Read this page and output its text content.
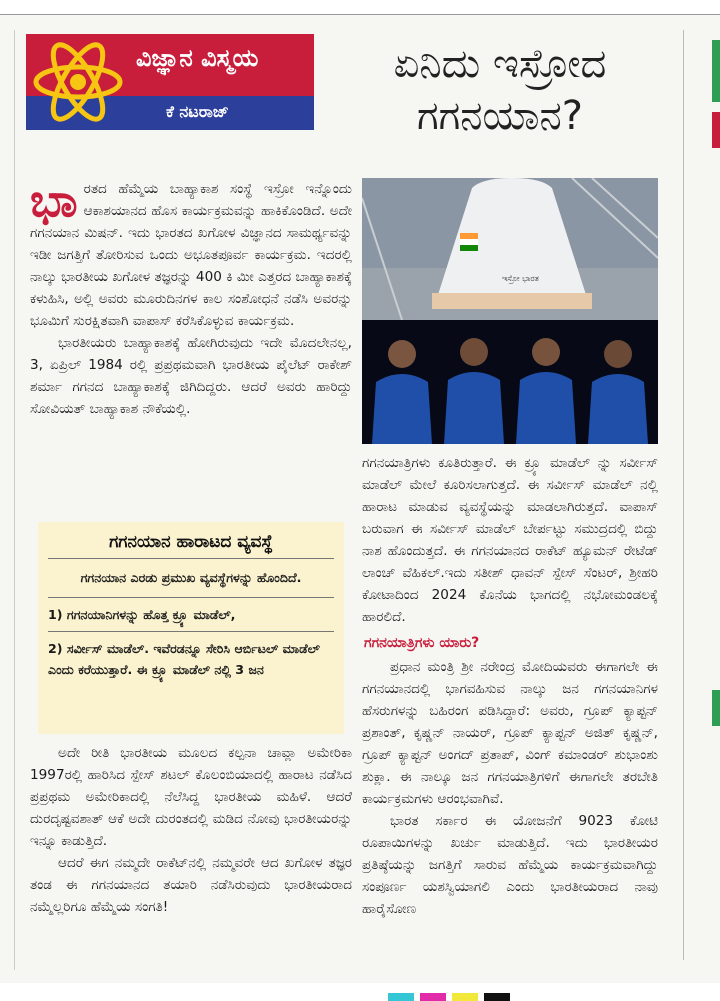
ವಿಜ್ಞಾನ ವಿಸ್ಮಯ
ಕೆ ನಟರಾಜ್
ಏನಿದು ಇಸ್ರೋದ
ಗಗನಯಾನ?

ಭಾರತದ ಹೆಮ್ಮೆಯ ಬಾಹ್ಯಾಕಾಶ ಸಂಸ್ಥೆ ಇಸ್ರೋ ಇನ್ನೊಂದು ಆಕಾಶಯಾನದ ಹೊಸ ಕಾರ್ಯಕ್ರಮವನ್ನು ಹಾಕಿಕೊಂಡಿದೆ. ಅದೇ ಗಗನಯಾನ ಮಿಷನ್. ಇದು ಭಾರತದ ಖಗೋಳ ವಿಜ್ಞಾನದ ಸಾಮರ್ಥ್ಯವನ್ನು ಇಡೀ ಜಗತ್ತಿಗೆ ತೋರಿಸುವ ಒಂದು ಅಭೂತಪೂರ್ವ ಕಾರ್ಯಕ್ರಮ. ಇದರಲ್ಲಿ ನಾಲ್ಕು ಭಾರತೀಯ ಖಗೋಳ ತಜ್ಞರನ್ನು 400 ಕಿ ಮೀ ಎತ್ತರದ ಬಾಹ್ಯಾಕಾಶಕ್ಕೆ ಕಳುಹಿಸಿ, ಅಲ್ಲಿ ಅವರು ಮೂರುದಿನಗಳ ಕಾಲ ಸಂಶೋಧನೆ ನಡೆಸಿ ಅವರನ್ನು ಭೂಮಿಗೆ ಸುರಕ್ಷಿತವಾಗಿ ವಾಪಾಸ್ ಕರೆಸಿಕೊಳ್ಳುವ ಕಾರ್ಯಕ್ರಮ.

ಭಾರತೀಯರು ಬಾಹ್ಯಾಕಾಶಕ್ಕೆ ಹೋಗಿರುವುದು ಇದೇ ಮೊದಲೇನಲ್ಲ, 3, ಏಪ್ರಿಲ್ 1984 ರಲ್ಲಿ ಪ್ರಪ್ರಥಮವಾಗಿ ಭಾರತೀಯ ಪೈಲೆಟ್ ರಾಕೇಶ್ ಶರ್ಮಾ ಗಗನದ ಬಾಹ್ಯಾಕಾಶಕ್ಕೆ ಜಿಗಿದಿದ್ದರು. ಆದರೆ ಅವರು ಹಾರಿದ್ದು ಸೋವಿಯತ್ ಬಾಹ್ಯಾಕಾಶ ನೌಕೆಯಲ್ಲಿ.

ಗಗನಯಾನ ಹಾರಾಟದ ವ್ಯವಸ್ಥೆ
ಗಗನಯಾನ ಎರಡು ಪ್ರಮುಖ ವ್ಯವಸ್ಥೆಗಳನ್ನು ಹೊಂದಿದೆ.
1) ಗಗನಯಾನಿಗಳನ್ನು ಹೊತ್ತ ಕ್ರ್ಯೂ ಮಾಡೆಲ್,
2) ಸರ್ವೀಸ್ ಮಾಡೆಲ್. ಇವೆರಡನ್ನೂ ಸೇರಿಸಿ ಆರ್ಬಿಟಲ್ ಮಾಡೆಲ್ ಎಂದು ಕರೆಯುತ್ತಾರೆ. ಈ ಕ್ರ್ಯೂ ಮಾಡೆಲ್ ನಲ್ಲಿ 3 ಜನ

ಅದೇ ರೀತಿ ಭಾರತೀಯ ಮೂಲದ ಕಲ್ಪನಾ ಚಾವ್ಲಾ ಅಮೇರಿಕಾ 1997ರಲ್ಲಿ ಹಾರಿಸಿದ ಸ್ಪೇಸ್ ಶಟಲ್ ಕೊಲಂಬಿಯಾದಲ್ಲಿ ಹಾರಾಟ ನಡೆಸಿದ ಪ್ರಪ್ರಥಮ ಅಮೇರಿಕಾದಲ್ಲಿ ನೆಲೆಸಿದ್ದ ಭಾರತೀಯ ಮಹಿಳೆ. ಆದರೆ ದುರದೃಷ್ಟವಶಾತ್ ಆಕೆ ಅದೇ ದುರಂತದಲ್ಲಿ ಮಡಿದ ನೋವು ಭಾರತೀಯರನ್ನು ಇನ್ನೂ ಕಾಡುತ್ತಿದೆ.

ಆದರೆ ಈಗ ನಮ್ಮದೇ ರಾಕೆಟ್‌ನಲ್ಲಿ ನಮ್ಮವರೇ ಆದ ಖಗೋಳ ತಜ್ಞರ ತಂಡ ಈ ಗಗನಯಾನದ ತಯಾರಿ ನಡೆಸಿರುವುದು ಭಾರತೀಯರಾದ ನಮ್ಮೆಲ್ಲರಿಗೂ ಹೆಮ್ಮೆಯ ಸಂಗತಿ!

ಇಸ್ರೋ ಭಾರತ

ಗಗನಯಾತ್ರಿಗಳು ಕೂತಿರುತ್ತಾರೆ. ಈ ಕ್ರ್ಯೂ ಮಾಡೆಲ್ ನ್ನು ಸರ್ವೀಸ್ ಮಾಡೆಲ್ ಮೇಲೆ ಕೂರಿಸಲಾಗುತ್ತದೆ. ಈ ಸರ್ವೀಸ್ ಮಾಡೆಲ್ ನಲ್ಲಿ ಹಾರಾಟ ಮಾಡುವ ವ್ಯವಸ್ಥೆಯನ್ನು ಮಾಡಲಾಗಿರುತ್ತದೆ. ವಾಪಾಸ್ ಬರುವಾಗ ಈ ಸರ್ವೀಸ್ ಮಾಡೆಲ್ ಬೇರ್ಪಟ್ಟು ಸಮುದ್ರದಲ್ಲಿ ಬಿದ್ದು ನಾಶ ಹೊಂದುತ್ತದೆ. ಈ ಗಗನಯಾನದ ರಾಕೆಟ್ ಹ್ಯೂಮನ್ ರೇಟೆಡ್ ಲಾಂಚ್ ವೆಹಿಕಲ್.ಇದು ಸತೀಶ್ ಧಾವನ್ ಸ್ಪೇಸ್ ಸೆಂಟರ್, ಶ್ರೀಹರಿ ಕೋಟಾದಿಂದ 2024 ಕೊನೆಯ ಭಾಗದಲ್ಲಿ ನಭೋಮಂಡಲಕ್ಕೆ ಹಾರಲಿದೆ.

ಗಗನಯಾತ್ರಿಗಳು ಯಾರು?

ಪ್ರಧಾನ ಮಂತ್ರಿ ಶ್ರೀ ನರೇಂದ್ರ ಮೋದಿಯವರು ಈಗಾಗಲೇ ಈ ಗಗನಯಾನದಲ್ಲಿ ಭಾಗವಹಿಸುವ ನಾಲ್ಕು ಜನ ಗಗನಯಾನಿಗಳ ಹೆಸರುಗಳನ್ನು ಬಹಿರಂಗ ಪಡಿಸಿದ್ದಾರೆ: ಅವರು, ಗ್ರೂಪ್ ಕ್ಯಾಪ್ಟನ್ ಪ್ರಶಾಂತ್, ಕೃಷ್ಣನ್ ನಾಯರ್, ಗ್ರೂಪ್ ಕ್ಯಾಪ್ಟನ್ ಅಜಿತ್ ಕೃಷ್ಣನ್, ಗ್ರೂಪ್ ಕ್ಯಾಪ್ಟನ್ ಅಂಗದ್ ಪ್ರತಾಪ್, ವಿಂಗ್ ಕಮಾಂಡರ್ ಶುಭಾಂಶು ಶುಕ್ಲಾ. ಈ ನಾಲ್ಕೂ ಜನ ಗಗನಯಾತ್ರಿಗಳಿಗೆ ಈಗಾಗಲೇ ತರಬೇತಿ ಕಾರ್ಯಕ್ರಮಗಳು ಆರಂಭವಾಗಿವೆ.

ಭಾರತ ಸರ್ಕಾರ ಈ ಯೋಜನೆಗೆ 9023 ಕೋಟಿ ರೂಪಾಯಿಗಳನ್ನು ಖರ್ಚು ಮಾಡುತ್ತಿದೆ. ಇದು ಭಾರತೀಯರ ಪ್ರತಿಷ್ಠೆಯನ್ನು ಜಗತ್ತಿಗೆ ಸಾರುವ ಹೆಮ್ಮೆಯ ಕಾರ್ಯಕ್ರಮವಾಗಿದ್ದು ಸಂಪೂರ್ಣ ಯಶಸ್ವಿಯಾಗಲಿ ಎಂದು ಭಾರತೀಯರಾದ ನಾವು ಹಾರೈಸೋಣ
